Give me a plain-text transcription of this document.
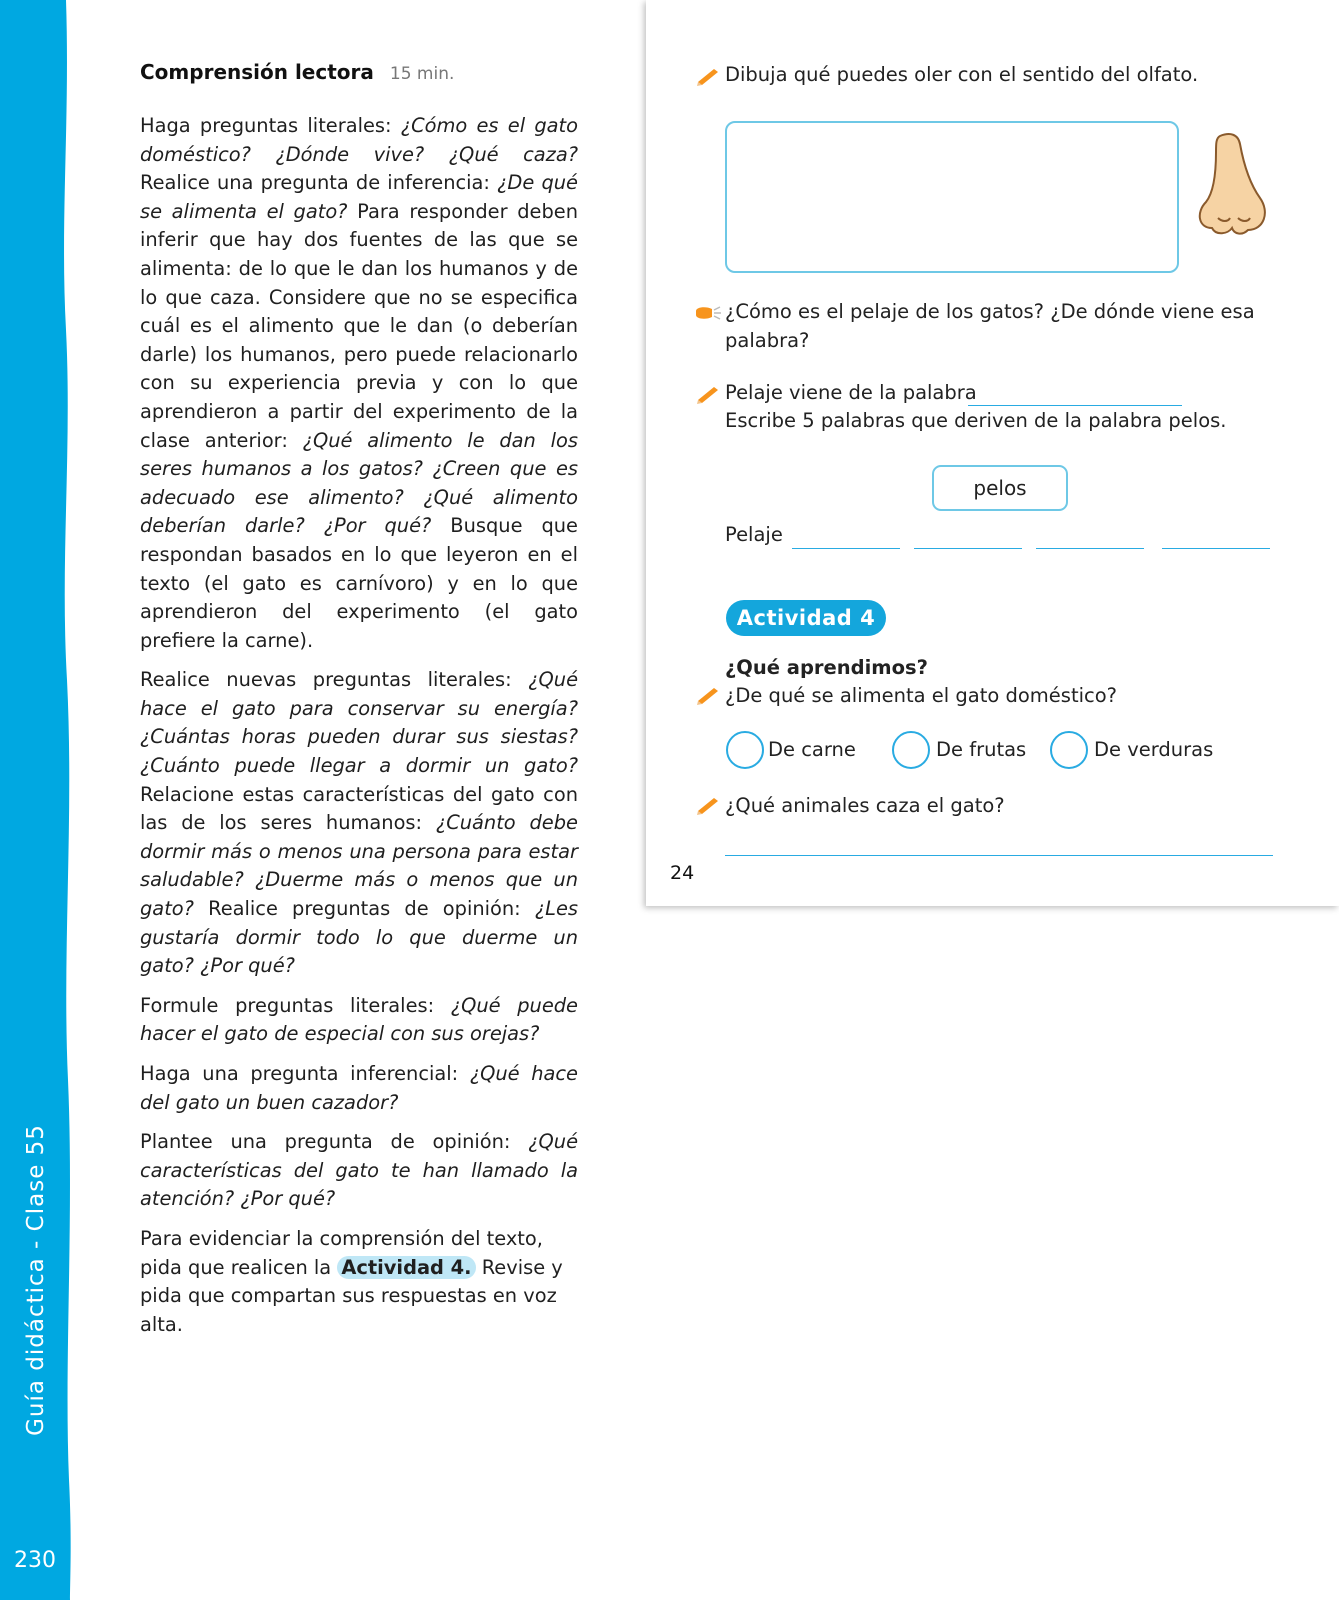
Guía didáctica - Clase 55
230
Comprensión lectora 15 min.

Haga preguntas literales: ¿Cómo es el gato doméstico? ¿Dónde vive? ¿Qué caza? Realice una pregunta de inferencia: ¿De qué se alimenta el gato? Para responder deben inferir que hay dos fuentes de las que se alimenta: de lo que le dan los humanos y de lo que caza. Considere que no se especifica cuál es el alimento que le dan (o deberían darle) los humanos, pero puede relacionarlo con su experiencia previa y con lo que aprendieron a partir del experimento de la clase anterior: ¿Qué alimento le dan los seres humanos a los gatos? ¿Creen que es adecuado ese alimento? ¿Qué alimento deberían darle? ¿Por qué? Busque que respondan basados en lo que leyeron en el texto (el gato es carnívoro) y en lo que aprendieron del experimento (el gato prefiere la carne).

Realice nuevas preguntas literales: ¿Qué hace el gato para conservar su energía? ¿Cuántas horas pueden durar sus siestas? ¿Cuánto puede llegar a dormir un gato? Relacione estas características del gato con las de los seres humanos: ¿Cuánto debe dormir más o menos una persona para estar saludable? ¿Duerme más o menos que un gato? Realice preguntas de opinión: ¿Les gustaría dormir todo lo que duerme un gato? ¿Por qué?

Formule preguntas literales: ¿Qué puede hacer el gato de especial con sus orejas?

Haga una pregunta inferencial: ¿Qué hace del gato un buen cazador?

Plantee una pregunta de opinión: ¿Qué características del gato te han llamado la atención? ¿Por qué?

Para evidenciar la comprensión del texto, pida que realicen la Actividad 4. Revise y pida que compartan sus respuestas en voz alta.

Dibuja qué puedes oler con el sentido del olfato.
¿Cómo es el pelaje de los gatos? ¿De dónde viene esa
palabra?
Pelaje viene de la palabra
Escribe 5 palabras que deriven de la palabra pelos.
pelos
Pelaje
Actividad 4
¿Qué aprendimos?
¿De qué se alimenta el gato doméstico?
De carne	De frutas	De verduras
¿Qué animales caza el gato?
24
